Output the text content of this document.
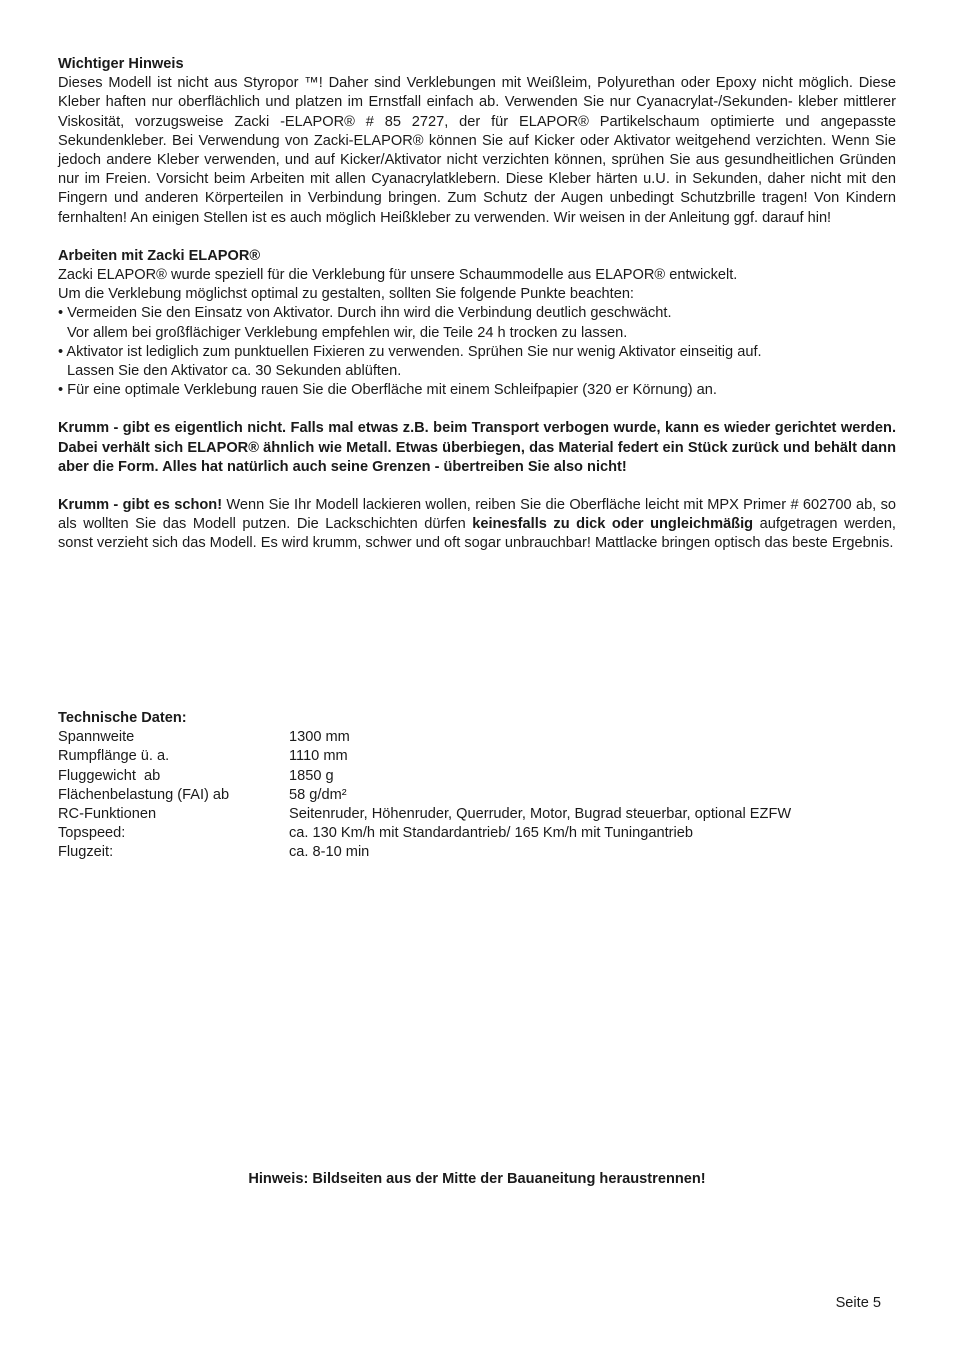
Wichtiger Hinweis
Dieses Modell ist nicht aus Styropor ™! Daher sind Verklebungen mit Weißleim, Polyurethan oder Epoxy nicht möglich. Diese Kleber haften nur oberflächlich und platzen im Ernstfall einfach ab. Verwenden Sie nur Cyanacrylat-/Sekunden- kleber mittlerer Viskosität, vorzugsweise Zacki -ELAPOR® # 85 2727, der für ELAPOR® Partikelschaum optimierte und angepasste Sekundenkleber. Bei Verwendung von Zacki-ELAPOR® können Sie auf Kicker oder Aktivator weitgehend verzichten. Wenn Sie jedoch andere Kleber verwenden, und auf Kicker/Aktivator nicht verzichten können, sprühen Sie aus gesundheitlichen Gründen nur im Freien. Vorsicht beim Arbeiten mit allen Cyanacrylatklebern. Diese Kleber härten u.U. in Sekunden, daher nicht mit den Fingern und anderen Körperteilen in Verbindung bringen. Zum Schutz der Augen unbedingt Schutzbrille tragen! Von Kindern fernhalten! An einigen Stellen ist es auch möglich Heißkleber zu verwenden. Wir weisen in der Anleitung ggf. darauf hin!
Arbeiten mit Zacki ELAPOR®
Zacki ELAPOR® wurde speziell für die Verklebung für unsere Schaummodelle aus ELAPOR® entwickelt.
Um die Verklebung möglichst optimal zu gestalten, sollten Sie folgende Punkte beachten:
• Vermeiden Sie den Einsatz von Aktivator. Durch ihn wird die Verbindung deutlich geschwächt.
Vor allem bei großflächiger Verklebung empfehlen wir, die Teile 24 h trocken zu lassen.
• Aktivator ist lediglich zum punktuellen Fixieren zu verwenden. Sprühen Sie nur wenig Aktivator einseitig auf.
Lassen Sie den Aktivator ca. 30 Sekunden ablüften.
• Für eine optimale Verklebung rauen Sie die Oberfläche mit einem Schleifpapier (320 er Körnung) an.
Krumm - gibt es eigentlich nicht. Falls mal etwas z.B. beim Transport verbogen wurde, kann es wieder gerichtet werden. Dabei verhält sich ELAPOR® ähnlich wie Metall. Etwas überbiegen, das Material federt ein Stück zurück und behält dann aber die Form. Alles hat natürlich auch seine Grenzen - übertreiben Sie also nicht!
Krumm - gibt es schon! Wenn Sie Ihr Modell lackieren wollen, reiben Sie die Oberfläche leicht mit MPX Primer # 602700 ab, so als wollten Sie das Modell putzen. Die Lackschichten dürfen keinesfalls zu dick oder ungleichmäßig aufgetragen werden, sonst verzieht sich das Modell. Es wird krumm, schwer und oft sogar unbrauchbar! Mattlacke bringen optisch das beste Ergebnis.
Technische Daten:
Spannweite	1300 mm
Rumpflänge ü. a.	1110 mm
Fluggewicht  ab	1850 g
Flächenbelastung (FAI) ab	58 g/dm²
RC-Funktionen	Seitenruder, Höhenruder, Querruder, Motor, Bugrad steuerbar, optional EZFW
Topspeed:	ca. 130 Km/h mit Standardantrieb/ 165 Km/h mit Tuningantrieb
Flugzeit:	ca. 8-10 min
Hinweis: Bildseiten aus der Mitte der Bauaneitung heraustrennen!
Seite 5
